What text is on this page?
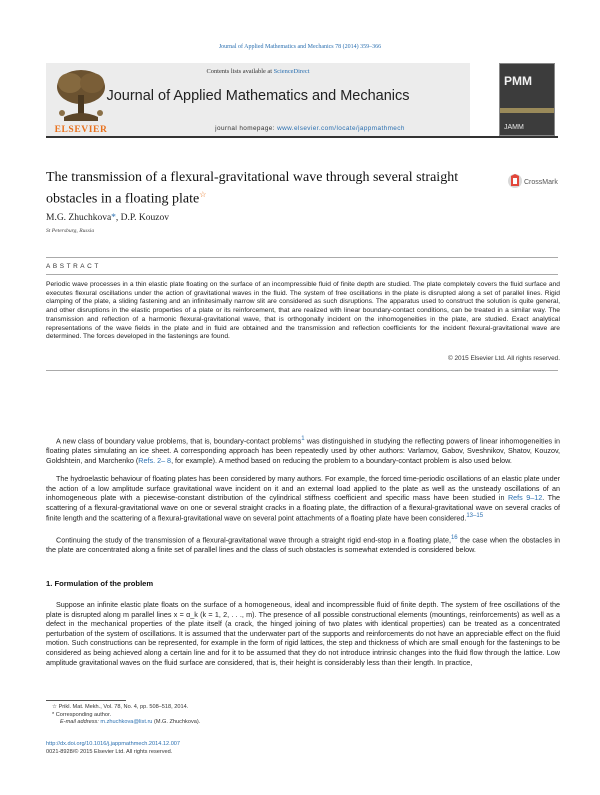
Journal of Applied Mathematics and Mechanics 78 (2014) 359–366
ELSEVIER
Contents lists available at ScienceDirect
Journal of Applied Mathematics and Mechanics
journal homepage: www.elsevier.com/locate/jappmathmech
PMM
JAMM
The transmission of a flexural-gravitational wave through several straight obstacles in a floating plate☆
CrossMark
M.G. Zhuchkova*, D.P. Kouzov
St Petersburg, Russia
ABSTRACT
Periodic wave processes in a thin elastic plate floating on the surface of an incompressible fluid of finite depth are studied. The plate completely covers the fluid surface and executes flexural oscillations under the action of gravitational waves in the fluid. The system of free oscillations in the plate is disrupted along a set of parallel lines. Rigid clamping of the plate, a sliding fastening and an infinitesimally narrow slit are considered as such disruptions. The apparatus used to construct the solution is quite general, and other disruptions in the elastic properties of a plate or its reinforcement, that are realized with linear boundary-contact conditions, can be treated in a similar way. The transmission and reflection of a harmonic flexural-gravitational wave, that is orthogonally incident on the inhomogeneities in the plate, are studied. Exact analytical representations of the wave fields in the plate and in fluid are obtained and the transmission and reflection coefficients for the incident flexural-gravitational wave are determined. The forces developed in the fastenings are found.
© 2015 Elsevier Ltd. All rights reserved.
A new class of boundary value problems, that is, boundary-contact problems$^1$ was distinguished in studying the reflecting powers of linear inhomogeneities in floating plates simulating an ice sheet. A corresponding approach has been repeatedly used by other authors: Varlamov, Gabov, Sveshnikov, Shatov, Kouzov, Goldshtein, and Marchenko (Refs. 2– 8, for example). A method based on reducing the problem to a boundary-contact problem is also used below.
The hydroelastic behaviour of floating plates has been considered by many authors. For example, the forced time-periodic oscillations of an elastic plate under the action of a low amplitude surface gravitational wave incident on it and an external load applied to the plate as well as the unsteady oscillations of an inhomogeneous plate with a piecewise-constant distribution of the cylindrical stiffness coefficient and specific mass have been studied in Refs 9–12. The scattering of a flexural-gravitational wave on one or several straight cracks in a floating plate, the diffraction of a flexural-gravitational wave on several cracks of finite length and the scattering of a flexural-gravitational wave on several point attachments of a floating plate have been considered.$^{13-15}$
Continuing the study of the transmission of a flexural-gravitational wave through a straight rigid end-stop in a floating plate,$^{16}$ the case when the obstacles in the plate are concentrated along a finite set of parallel lines and the class of such obstacles is somewhat extended is considered below.
1. Formulation of the problem
Suppose an infinite elastic plate floats on the surface of a homogeneous, ideal and incompressible fluid of finite depth. The system of free oscillations of the plate is disrupted along m parallel lines x = α_k (k = 1, 2, . . ., m). The presence of all possible constructional elements (mountings, reinforcements) as well as a defect in the mechanical properties of the plate itself (a crack, the hinged joining of two plates with identical properties) can be treated as a concentrated perturbation of the system of oscillations. It is assumed that the underwater part of the supports and reinforcements do not have an appreciable effect on the fluid motion. Such constructions can be represented, for example in the form of rigid lattices, the step and thickness of which are small enough for the fastenings to be considered as being achieved along a certain line and for it to be assumed that they do not introduce intrinsic changes into the fluid flow through the lattice. Low amplitude gravitational waves on the fluid surface are considered, that is, their height is considerably less than their length. In practice,
☆ Prikl. Mat. Mekh., Vol. 78, No. 4, pp. 508–518, 2014.
* Corresponding author.
E-mail address: m.zhuchkova@list.ru (M.G. Zhuchkova).
http://dx.doi.org/10.1016/j.jappmathmech.2014.12.007
0021-8928/© 2015 Elsevier Ltd. All rights reserved.
